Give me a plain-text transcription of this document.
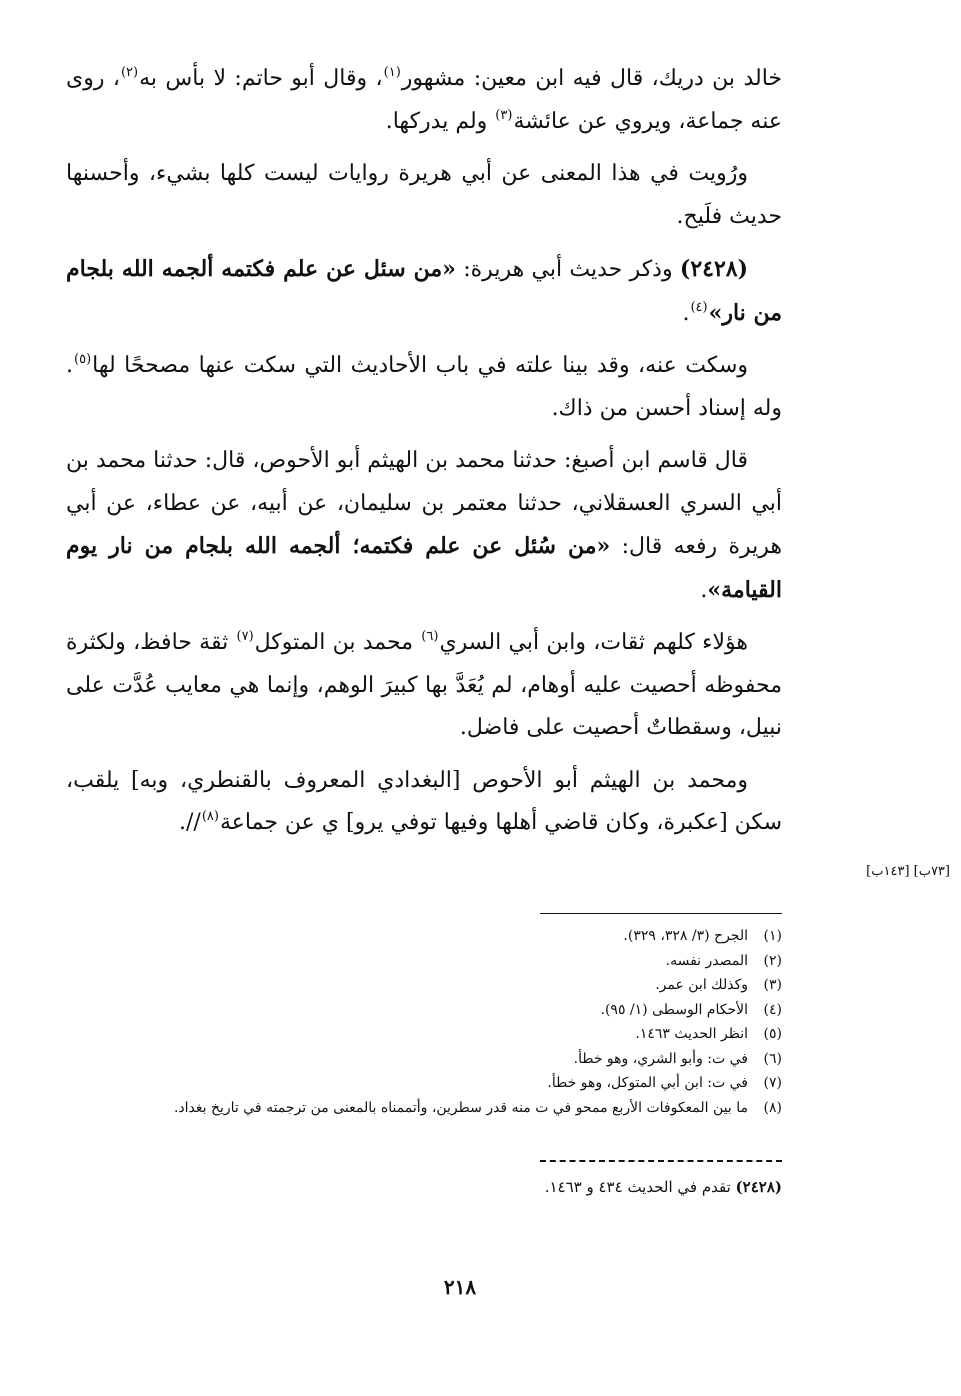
خالد بن دريك، قال فيه ابن معين: مشهور$^{(١)}$، وقال أبو حاتم: لا بأس به$^{(٢)}$، روى عنه جماعة، ويروي عن عائشة$^{(٣)}$ ولم يدركها.

ورُويت في هذا المعنى عن أبي هريرة روايات ليست كلها بشيء، وأحسنها حديث فلَيح.

(٢٤٢٨) وذكر حديث أبي هريرة: «من سئل عن علم فكتمه ألجمه الله بلجام من نار»$^{(٤)}$.

وسكت عنه، وقد بينا علته في باب الأحاديث التي سكت عنها مصححًا لها$^{(٥)}$. وله إسناد أحسن من ذاك.

قال قاسم ابن أصبغ: حدثنا محمد بن الهيثم أبو الأحوص، قال: حدثنا محمد بن أبي السري العسقلاني، حدثنا معتمر بن سليمان، عن أبيه، عن عطاء، عن أبي هريرة رفعه قال: «من سُئل عن علم فكتمه؛ ألجمه الله بلجام من نار يوم القيامة».

هؤلاء كلهم ثقات، وابن أبي السري$^{(٦)}$ محمد بن المتوكل$^{(٧)}$ ثقة حافظ، ولكثرة محفوظه أحصيت عليه أوهام، لم يُعَدَّ بها كبيرَ الوهم، وإنما هي معايب عُدَّت على نبيل، وسقطاتٌ أحصيت على فاضل.

ومحمد بن الهيثم أبو الأحوص [البغدادي المعروف بالقنطري، وبه] يلقب، سكن [عكبرة، وكان قاضي أهلها وفيها توفي يرو] ي عن جماعة$^{(٨)}$//.

[٧٣ب] [١٤٣ب]
(١)الجرح (٣/ ٣٢٨، ٣٢٩).
(٢)المصدر نفسه.
(٣)وكذلك ابن عمر.
(٤)الأحكام الوسطى (١/ ٩٥).
(٥)انظر الحديث ١٤٦٣.
(٦)في ت: وأبو الشري، وهو خطأ.
(٧)في ت: ابن أبي المتوكل، وهو خطأ.
(٨)ما بين المعكوفات الأربع ممحو في ت منه قدر سطرين، وأتممناه بالمعنى من ترجمته في تاريخ بغداد.
(٢٤٢٨) تقدم في الحديث ٤٣٤ و ١٤٦٣.
٢١٨
